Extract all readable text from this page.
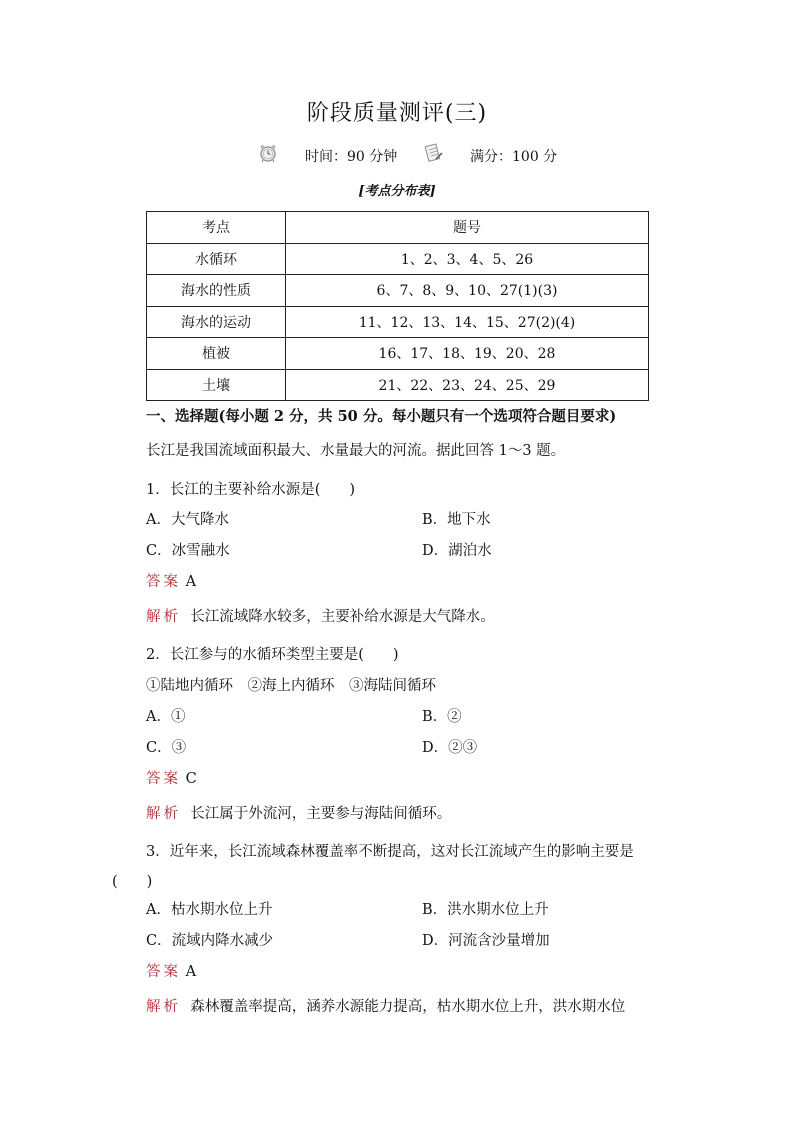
阶段质量测评(三)
时间：90 分钟	满分：100 分
[考点分布表]
考点	题号
水循环	1、2、3、4、5、26
海水的性质	6、7、8、9、10、27(1)(3)
海水的运动	11、12、13、14、15、27(2)(4)
植被	16、17、18、19、20、28
土壤	21、22、23、24、25、29
一、选择题(每小题 2 分，共 50 分。每小题只有一个选项符合题目要求)
长江是我国流域面积最大、水量最大的河流。据此回答 1～3 题。
1．长江的主要补给水源是(　　)
A．大气降水	B．地下水
C．冰雪融水	D．湖泊水
答案 A
解析 长江流域降水较多，主要补给水源是大气降水。
2．长江参与的水循环类型主要是(　　)
①陆地内循环　②海上内循环　③海陆间循环
A．①	B．②
C．③	D．②③
答案 C
解析 长江属于外流河，主要参与海陆间循环。
3．近年来，长江流域森林覆盖率不断提高，这对长江流域产生的影响主要是
(　　)
A．枯水期水位上升	B．洪水期水位上升
C．流域内降水减少	D．河流含沙量增加
答案 A
解析 森林覆盖率提高，涵养水源能力提高，枯水期水位上升，洪水期水位
